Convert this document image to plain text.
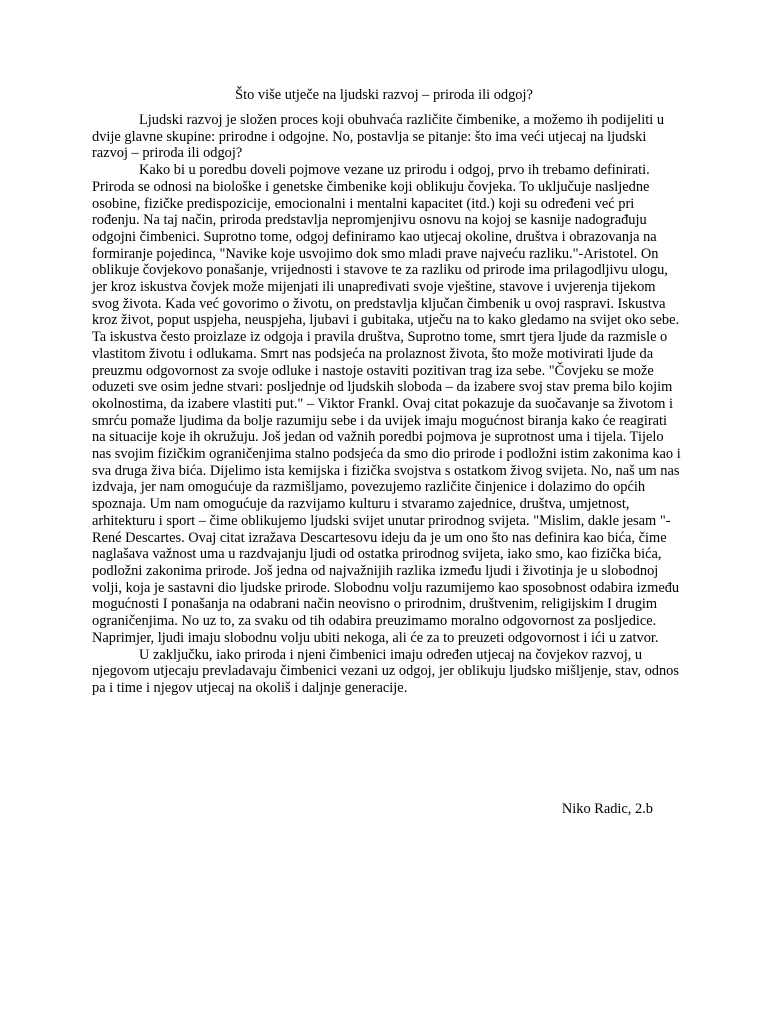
Što više utječe na ljudski razvoj – priroda ili odgoj?

Ljudski razvoj je složen proces koji obuhvaća različite čimbenike, a možemo ih podijeliti u dvije glavne skupine: prirodne i odgojne. No, postavlja se pitanje: što ima veći utjecaj na ljudski razvoj – priroda ili odgoj?

Kako bi u poredbu doveli pojmove vezane uz prirodu i odgoj, prvo ih trebamo definirati. Priroda se odnosi na biološke i genetske čimbenike koji oblikuju čovjeka. To uključuje nasljedne osobine, fizičke predispozicije, emocionalni i mentalni kapacitet (itd.) koji su određeni već pri rođenju. Na taj način, priroda predstavlja nepromjenjivu osnovu na kojoj se kasnije nadograđuju odgojni čimbenici. Suprotno tome, odgoj definiramo kao utjecaj okoline, društva i obrazovanja na formiranje pojedinca, "Navike koje usvojimo dok smo mladi prave najveću razliku."-Aristotel. On oblikuje čovjekovo ponašanje, vrijednosti i stavove te za razliku od prirode ima prilagodljivu ulogu, jer kroz iskustva čovjek može mijenjati ili unapređivati svoje vještine, stavove i uvjerenja tijekom svog života. Kada već govorimo o životu, on predstavlja ključan čimbenik u ovoj raspravi. Iskustva kroz život, poput uspjeha, neuspjeha, ljubavi i gubitaka, utječu na to kako gledamo na svijet oko sebe. Ta iskustva često proizlaze iz odgoja i pravila društva, Suprotno tome, smrt tjera ljude da razmisle o vlastitom životu i odlukama. Smrt nas podsjeća na prolaznost života, što može motivirati ljude da preuzmu odgovornost za svoje odluke i nastoje ostaviti pozitivan trag iza sebe. "Čovjeku se može oduzeti sve osim jedne stvari: posljednje od ljudskih sloboda – da izabere svoj stav prema bilo kojim okolnostima, da izabere vlastiti put." – Viktor Frankl. Ovaj citat pokazuje da suočavanje sa životom i smrću pomaže ljudima da bolje razumiju sebe i da uvijek imaju mogućnost biranja kako će reagirati na situacije koje ih okružuju. Još jedan od važnih poredbi pojmova je suprotnost uma i tijela. Tijelo nas svojim fizičkim ograničenjima stalno podsjeća da smo dio prirode i podložni istim zakonima kao i sva druga živa bića. Dijelimo ista kemijska i fizička svojstva s ostatkom živog svijeta. No, naš um nas izdvaja, jer nam omogućuje da razmišljamo, povezujemo različite činjenice i dolazimo do općih spoznaja. Um nam omogućuje da razvijamo kulturu i stvaramo zajednice, društva, umjetnost, arhitekturu i sport – čime oblikujemo ljudski svijet unutar prirodnog svijeta. "Mislim, dakle jesam "- René Descartes. Ovaj citat izražava Descartesovu ideju da je um ono što nas definira kao bića, čime naglašava važnost uma u razdvajanju ljudi od ostatka prirodnog svijeta, iako smo, kao fizička bića, podložni zakonima prirode. Još jedna od najvažnijih razlika između ljudi i životinja je u slobodnoj volji, koja je sastavni dio ljudske prirode. Slobodnu volju razumijemo kao sposobnost odabira između mogućnosti I ponašanja na odabrani način neovisno o prirodnim, društvenim, religijskim I drugim ograničenjima. No uz to, za svaku od tih odabira preuzimamo moralno odgovornost za posljedice. Naprimjer, ljudi imaju slobodnu volju ubiti nekoga, ali će za to preuzeti odgovornost i ići u zatvor.

U zaključku, iako priroda i njeni čimbenici imaju određen utjecaj na čovjekov razvoj, u njegovom utjecaju prevladavaju čimbenici vezani uz odgoj, jer oblikuju ljudsko mišljenje, stav, odnos pa i time i njegov utjecaj na okoliš i daljnje generacije.

Niko Radic, 2.b
